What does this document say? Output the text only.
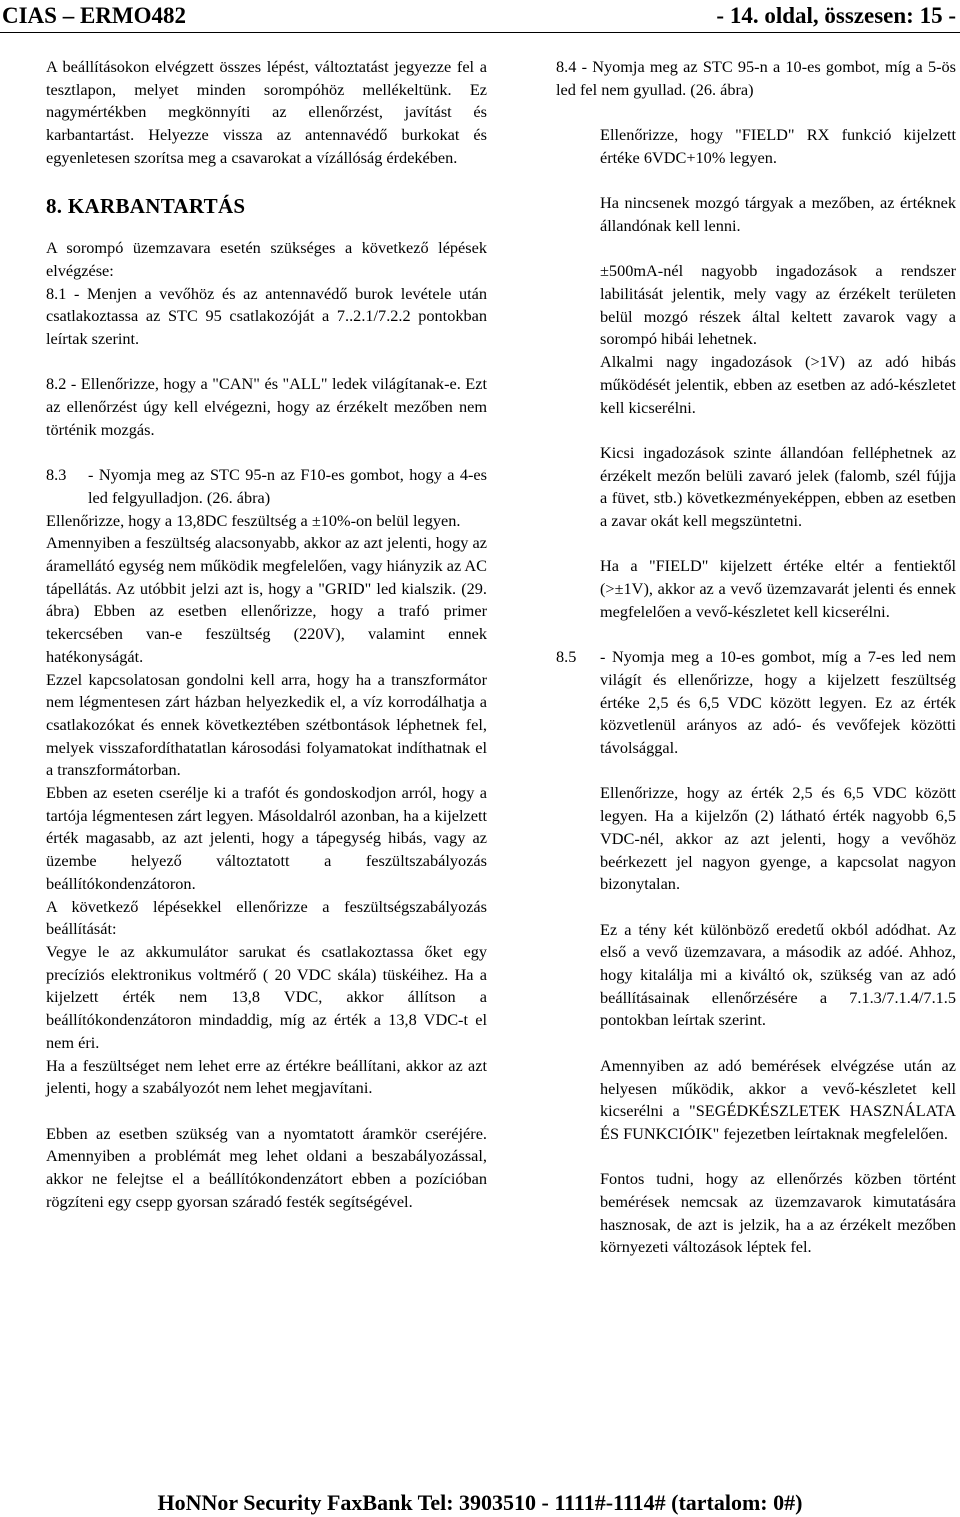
CIAS – ERMO482	- 14. oldal, összesen: 15 -

A beállításokon elvégzett összes lépést, változtatást jegyezze fel a tesztlapon, melyet minden sorompóhöz mellékeltünk. Ez nagymértékben megkönnyíti az ellenőrzést, javítást és karbantartást. Helyezze vissza az antennavédő burkokat és egyenletesen szorítsa meg a csavarokat a vízállóság érdekében.

8. KARBANTARTÁS

A sorompó üzemzavara esetén szükséges a következő lépések elvégzése:

8.1 - Menjen a vevőhöz és az antennavédő burok levétele után csatlakoztassa az STC 95 csatlakozóját a 7..2.1/7.2.2 pontokban leírtak szerint.

8.2 - Ellenőrizze, hogy a "CAN" és "ALL" ledek világítanak-e. Ezt az ellenőrzést úgy kell elvégezni, hogy az érzékelt mezőben nem történik mozgás.

8.3	- Nyomja meg az STC 95-n az F10-es gombot, hogy a 4-es led felgyulladjon. (26. ábra)

Ellenőrizze, hogy a 13,8DC feszültség a ±10%-on belül legyen.

Amennyiben a feszültség alacsonyabb, akkor az azt jelenti, hogy az áramellátó egység nem működik megfelelően, vagy hiányzik az AC tápellátás. Az utóbbit jelzi azt is, hogy a "GRID" led kialszik. (29. ábra) Ebben az esetben ellenőrizze, hogy a trafó primer tekercsében van-e feszültség (220V), valamint ennek hatékonyságát.

Ezzel kapcsolatosan gondolni kell arra, hogy ha a transzformátor nem légmentesen zárt házban helyezkedik el, a víz korrodálhatja a csatlakozókat és ennek következtében szétbontások léphetnek fel, melyek visszafordíthatatlan károsodási folyamatokat indíthatnak el a transzformátorban.

Ebben az eseten cserélje ki a trafót és gondoskodjon arról, hogy a tartója légmentesen zárt legyen. Másoldalról azonban, ha a kijelzett érték magasabb, az azt jelenti, hogy a tápegység hibás, vagy az üzembe helyező változtatott a feszültszabályozás beállítókondenzátoron.

A következő lépésekkel ellenőrizze a feszültségszabályozás beállítását:

Vegye le az akkumulátor sarukat és csatlakoztassa őket egy precíziós elektronikus voltmérő ( 20 VDC skála) tüskéihez. Ha a kijelzett érték nem 13,8 VDC, akkor állítson a beállítókondenzátoron mindaddig, míg az érték a 13,8 VDC-t el nem éri.

Ha a feszültséget nem lehet erre az értékre beállítani, akkor az azt jelenti, hogy a szabályozót nem lehet megjavítani.

Ebben az esetben szükség van a nyomtatott áramkör cseréjére. Amennyiben a problémát meg lehet oldani a beszabályozással, akkor ne felejtse el a beállítókondenzátort ebben a pozícióban rögzíteni egy csepp gyorsan száradó festék segítségével.

8.4 - Nyomja meg az STC 95-n a 10-es gombot, míg a 5-ös led fel nem gyullad. (26. ábra)

Ellenőrizze, hogy "FIELD" RX funkció kijelzett értéke 6VDC+10% legyen.

Ha nincsenek mozgó tárgyak a mezőben, az értéknek állandónak kell lenni.

±500mA-nél nagyobb ingadozások a rendszer labilitását jelentik, mely vagy az érzékelt területen belül mozgó részek által keltett zavarok vagy a sorompó hibái lehetnek.

Alkalmi nagy ingadozások (>1V) az adó hibás működését jelentik, ebben az esetben az adó-készletet kell kicserélni.

Kicsi ingadozások szinte állandóan felléphetnek az érzékelt mezőn belüli zavaró jelek (falomb, szél fújja a füvet, stb.) következményeképpen, ebben az esetben a zavar okát kell megszüntetni.

Ha a "FIELD" kijelzett értéke eltér a fentiektől (>±1V), akkor az a vevő üzemzavarát jelenti és ennek megfelelően a vevő-készletet kell kicserélni.

8.5	- Nyomja meg a 10-es gombot, míg a 7-es led nem világít és ellenőrizze, hogy a kijelzett feszültség értéke 2,5 és 6,5 VDC között legyen. Ez az érték közvetlenül arányos az adó- és vevőfejek közötti távolsággal.

Ellenőrizze, hogy az érték 2,5 és 6,5 VDC között legyen. Ha a kijelzőn (2) látható érték nagyobb 6,5 VDC-nél, akkor az azt jelenti, hogy a vevőhöz beérkezett jel nagyon gyenge, a kapcsolat nagyon bizonytalan.

Ez a tény két különböző eredetű okból adódhat. Az első a vevő üzemzavara, a második az adóé. Ahhoz, hogy kitaláljа mi a kiváltó ok, szükség van az adó beállításainak ellenőrzésére a 7.1.3/7.1.4/7.1.5 pontokban leírtak szerint.

Amennyiben az adó bemérések elvégzése után az helyesen működik, akkor a vevő-készletet kell kicserélni a "SEGÉDKÉSZLETEK HASZNÁLATA ÉS FUNKCIÓIK" fejezetben leírtaknak megfelelően.

Fontos tudni, hogy az ellenőrzés közben történt bemérések nemcsak az üzemzavarok kimutatására hasznosak, de azt is jelzik, ha a az érzékelt mezőben környezeti változások léptek fel.

HoNNor Security FaxBank Tel: 3903510 - 1111#-1114# (tartalom: 0#)
